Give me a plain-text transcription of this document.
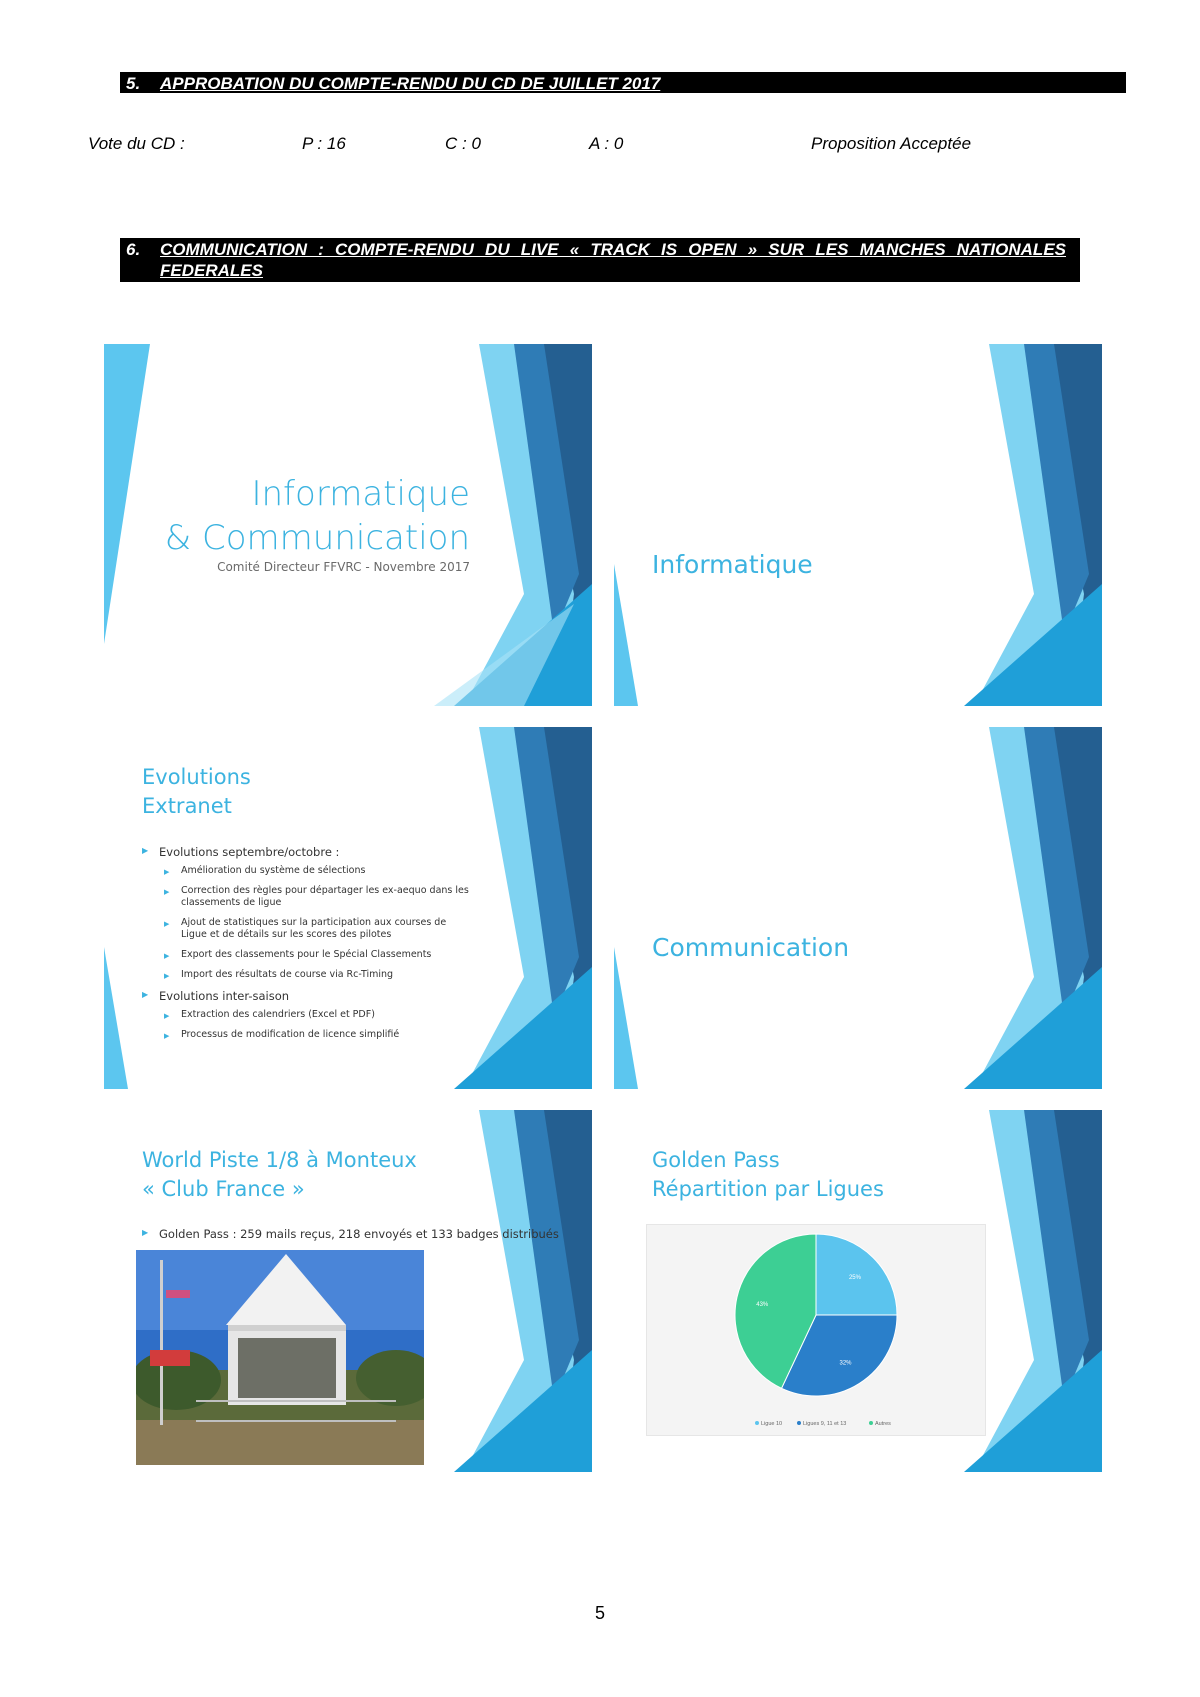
5. APPROBATION DU COMPTE-RENDU DU CD DE JUILLET 2017
Vote du CD :	P : 16	C : 0	A : 0	Proposition Acceptée
6. COMMUNICATION : COMPTE-RENDU DU LIVE « TRACK IS OPEN » SUR LES MANCHES NATIONALES FEDERALES
Informatique
& Communication
Comité Directeur FFVRC - Novembre 2017	Informatique
Evolutions
Extranet
▶ Evolutions septembre/octobre :
▶ Amélioration du système de sélections
▶ Correction des règles pour départager les ex-aequo dans les classements de ligue
▶ Ajout de statistiques sur la participation aux courses de Ligue et de détails sur les scores des pilotes
▶ Export des classements pour le Spécial Classements
▶ Import des résultats de course via Rc-Timing
▶ Evolutions inter-saison
▶ Extraction des calendriers (Excel et PDF)
▶ Processus de modification de licence simplifié
Communication
World Piste 1/8 à Monteux
« Club France »
▶ Golden Pass : 259 mails reçus, 218 envoyés et 133 badges distribués
Golden Pass
Répartition par Ligues
25%
32%
43%
Ligue 10	Ligues 9, 11 et 13	Autres
5
